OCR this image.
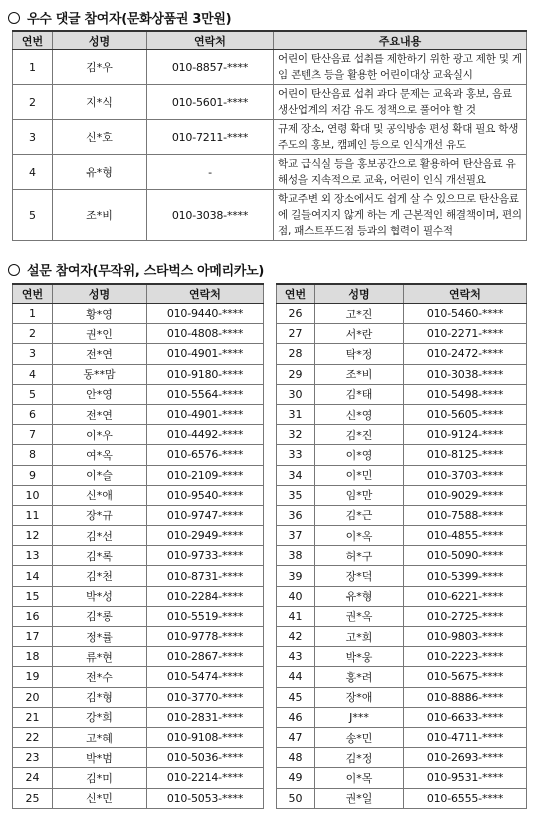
우수 댓글 참여자(문화상품권 3만원)
연번	성명	연락처	주요내용
1	김*우	010-8857-****	어린이 탄산음료 섭취를 제한하기 위한 광고 제한 및 게임 콘텐츠 등을 활용한 어린이대상 교육실시
2	지*식	010-5601-****	어린이 탄산음료 섭취 과다 문제는 교육과 홍보, 음료 생산업계의 저감 유도 정책으로 풀어야 할 것
3	신*호	010-7211-****	규제 장소, 연령 확대 및 공익방송 편성 확대 필요 학생 주도의 홍보, 캠페인 등으로 인식개선 유도
4	유*형	-	학교 급식실 등을 홍보공간으로 활용하여 탄산음료 유해성을 지속적으로 교육, 어린이 인식 개선필요
5	조*비	010-3038-****	학교주변 외 장소에서도 쉽게 살 수 있으므로 탄산음료에 길들여지지 않게 하는 게 근본적인 해결책이며, 편의점, 패스트푸드점 등과의 협력이 필수적
설문 참여자(무작위, 스타벅스 아메리카노)
연번	성명	연락처
1	황*영	010-9440-****
2	권*인	010-4808-****
3	전*연	010-4901-****
4	동**맘	010-9180-****
5	안*영	010-5564-****
6	전*연	010-4901-****
7	이*우	010-4492-****
8	여*옥	010-6576-****
9	이*슬	010-2109-****
10	신*애	010-9540-****
11	장*규	010-9747-****
12	김*선	010-2949-****
13	김*록	010-9733-****
14	김*천	010-8731-****
15	박*성	010-2284-****
16	김*롱	010-5519-****
17	정*률	010-9778-****
18	류*현	010-2867-****
19	전*수	010-5474-****
20	김*형	010-3770-****
21	강*희	010-2831-****
22	고*혜	010-9108-****
23	박*범	010-5036-****
24	김*미	010-2214-****
25	신*민	010-5053-****
연번	성명	연락처
26	고*진	010-5460-****
27	서*란	010-2271-****
28	탁*정	010-2472-****
29	조*비	010-3038-****
30	김*태	010-5498-****
31	신*영	010-5605-****
32	김*진	010-9124-****
33	이*영	010-8125-****
34	이*민	010-3703-****
35	임*만	010-9029-****
36	김*근	010-7588-****
37	이*옥	010-4855-****
38	허*구	010-5090-****
39	장*덕	010-5399-****
40	유*형	010-6221-****
41	권*옥	010-2725-****
42	고*희	010-9803-****
43	박*웅	010-2223-****
44	홍*려	010-5675-****
45	장*애	010-8886-****
46	J***	010-6633-****
47	송*민	010-4711-****
48	김*정	010-2693-****
49	이*목	010-9531-****
50	권*일	010-6555-****
